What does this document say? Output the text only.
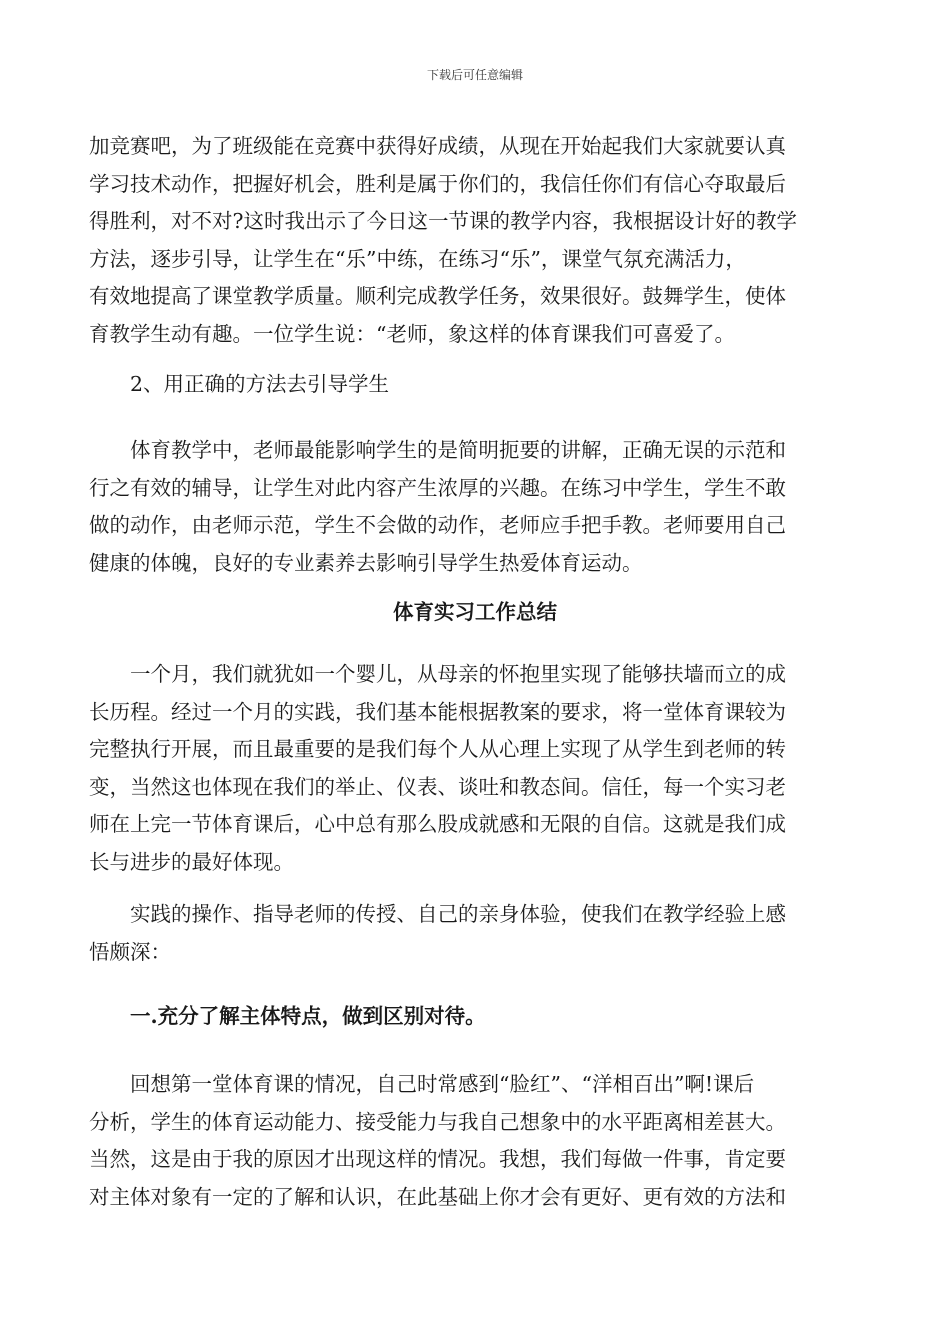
下载后可任意编辑
加竞赛吧，为了班级能在竞赛中获得好成绩，从现在开始起我们大家就要认真
学习技术动作，把握好机会，胜利是属于你们的，我信任你们有信心夺取最后
得胜利，对不对?这时我出示了今日这一节课的教学内容，我根据设计好的教学
方法，逐步引导，让学生在“乐”中练，在练习“乐”，课堂气氛充满活力，
有效地提高了课堂教学质量。顺利完成教学任务，效果很好。鼓舞学生，使体
育教学生动有趣。一位学生说：“老师，象这样的体育课我们可喜爱了。
2、用正确的方法去引导学生
体育教学中，老师最能影响学生的是简明扼要的讲解，正确无误的示范和
行之有效的辅导，让学生对此内容产生浓厚的兴趣。在练习中学生，学生不敢
做的动作，由老师示范，学生不会做的动作，老师应手把手教。老师要用自己
健康的体魄，良好的专业素养去影响引导学生热爱体育运动。
体育实习工作总结
一个月，我们就犹如一个婴儿，从母亲的怀抱里实现了能够扶墙而立的成
长历程。经过一个月的实践，我们基本能根据教案的要求，将一堂体育课较为
完整执行开展，而且最重要的是我们每个人从心理上实现了从学生到老师的转
变，当然这也体现在我们的举止、仪表、谈吐和教态间。信任，每一个实习老
师在上完一节体育课后，心中总有那么股成就感和无限的自信。这就是我们成
长与进步的最好体现。
实践的操作、指导老师的传授、自己的亲身体验，使我们在教学经验上感
悟颇深：
一.充分了解主体特点，做到区别对待。
回想第一堂体育课的情况，自己时常感到“脸红”、“洋相百出”啊!课后
分析，学生的体育运动能力、接受能力与我自己想象中的水平距离相差甚大。
当然，这是由于我的原因才出现这样的情况。我想，我们每做一件事，肯定要
对主体对象有一定的了解和认识，在此基础上你才会有更好、更有效的方法和
